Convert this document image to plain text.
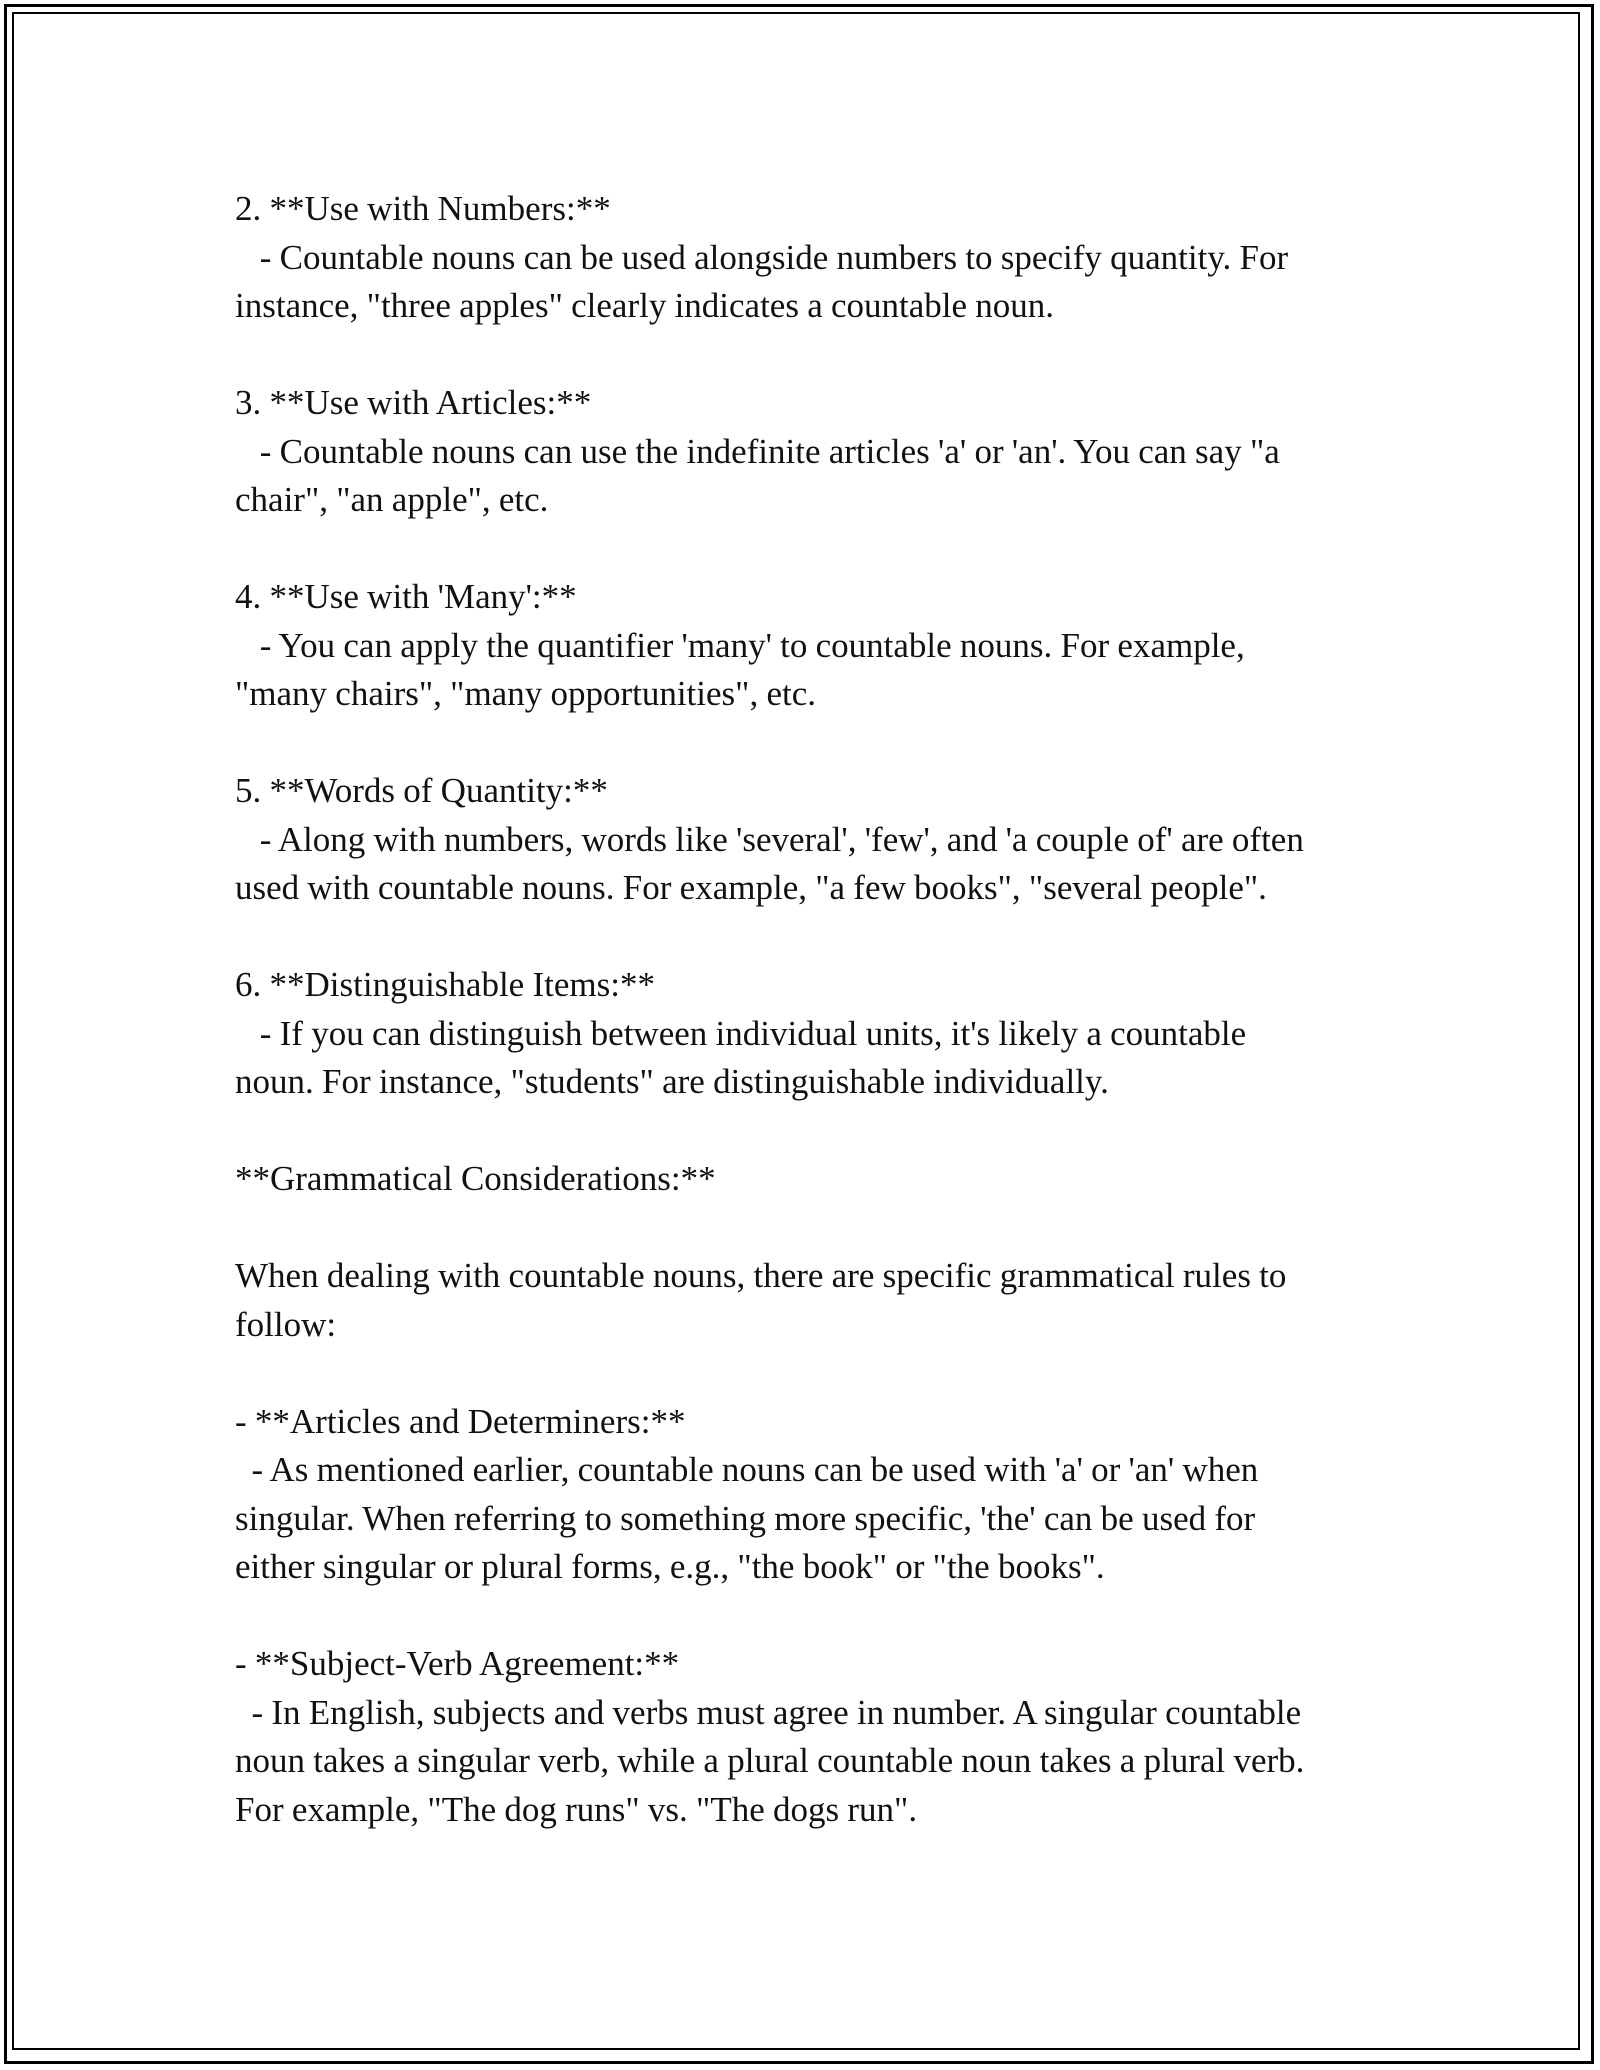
2. **Use with Numbers:**
- Countable nouns can be used alongside numbers to specify quantity. For
instance, "three apples" clearly indicates a countable noun.
3. **Use with Articles:**
- Countable nouns can use the indefinite articles 'a' or 'an'. You can say "a
chair", "an apple", etc.
4. **Use with 'Many':**
- You can apply the quantifier 'many' to countable nouns. For example,
"many chairs", "many opportunities", etc.
5. **Words of Quantity:**
- Along with numbers, words like 'several', 'few', and 'a couple of' are often
used with countable nouns. For example, "a few books", "several people".
6. **Distinguishable Items:**
- If you can distinguish between individual units, it's likely a countable
noun. For instance, "students" are distinguishable individually.
**Grammatical Considerations:**
When dealing with countable nouns, there are specific grammatical rules to
follow:
- **Articles and Determiners:**
- As mentioned earlier, countable nouns can be used with 'a' or 'an' when
singular. When referring to something more specific, 'the' can be used for
either singular or plural forms, e.g., "the book" or "the books".
- **Subject-Verb Agreement:**
- In English, subjects and verbs must agree in number. A singular countable
noun takes a singular verb, while a plural countable noun takes a plural verb.
For example, "The dog runs" vs. "The dogs run".
